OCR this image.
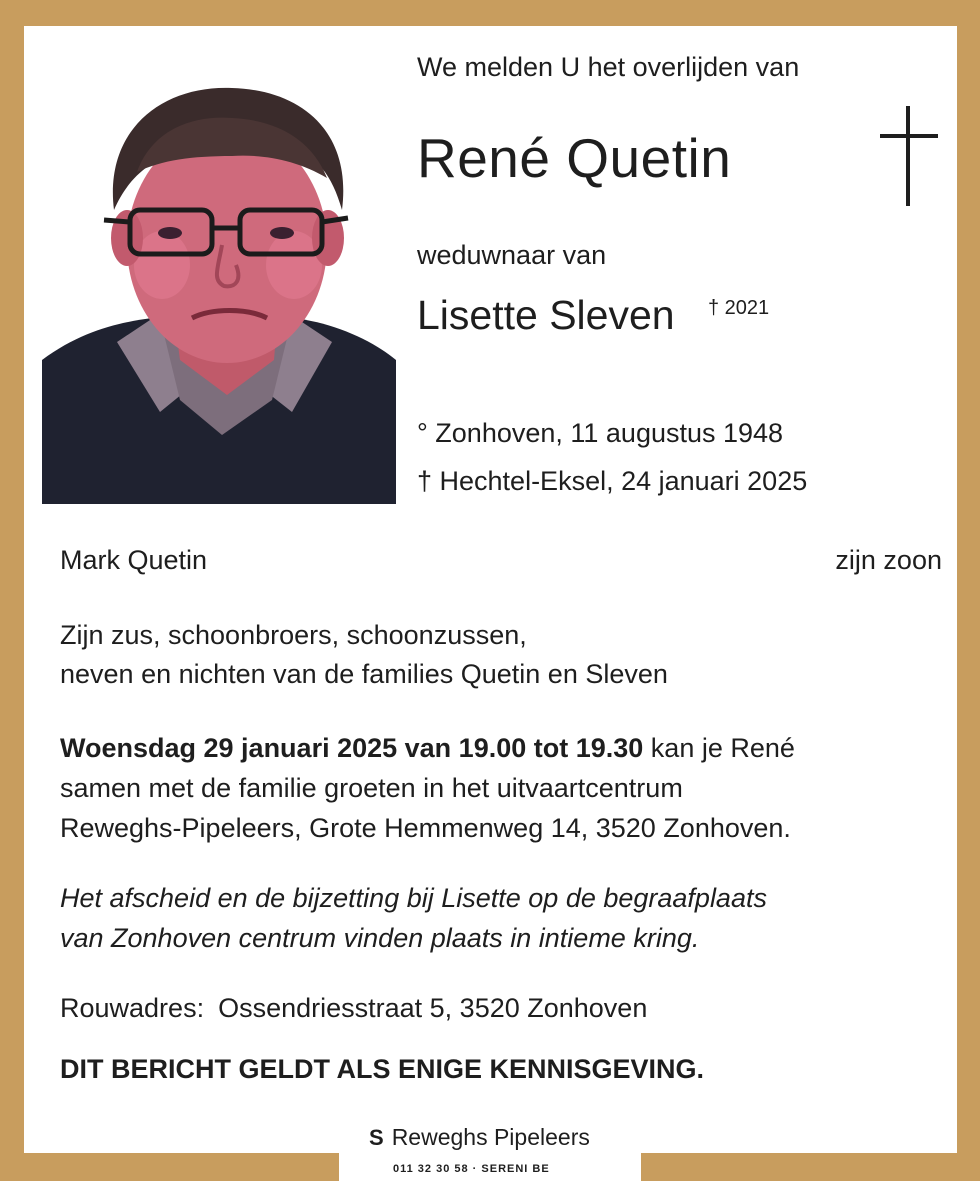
We melden U het overlijden van
René Quetin
weduwnaar van
Lisette Sleven † 2021
° Zonhoven, 11 augustus 1948
† Hechtel-Eksel, 24 januari 2025
Mark Quetin	zijn zoon
Zijn zus, schoonbroers, schoonzussen,
neven en nichten van de families Quetin en Sleven
Woensdag 29 januari 2025 van 19.00 tot 19.30 kan je René
samen met de familie groeten in het uitvaartcentrum
Reweghs-Pipeleers, Grote Hemmenweg 14, 3520 Zonhoven.
Het afscheid en de bijzetting bij Lisette op de begraafplaats
van Zonhoven centrum vinden plaats in intieme kring.
Rouwadres: Ossendriesstraat 5, 3520 Zonhoven
DIT BERICHT GELDT ALS ENIGE KENNISGEVING.
S Reweghs Pipeleers
011 32 30 58 · SERENI BE
